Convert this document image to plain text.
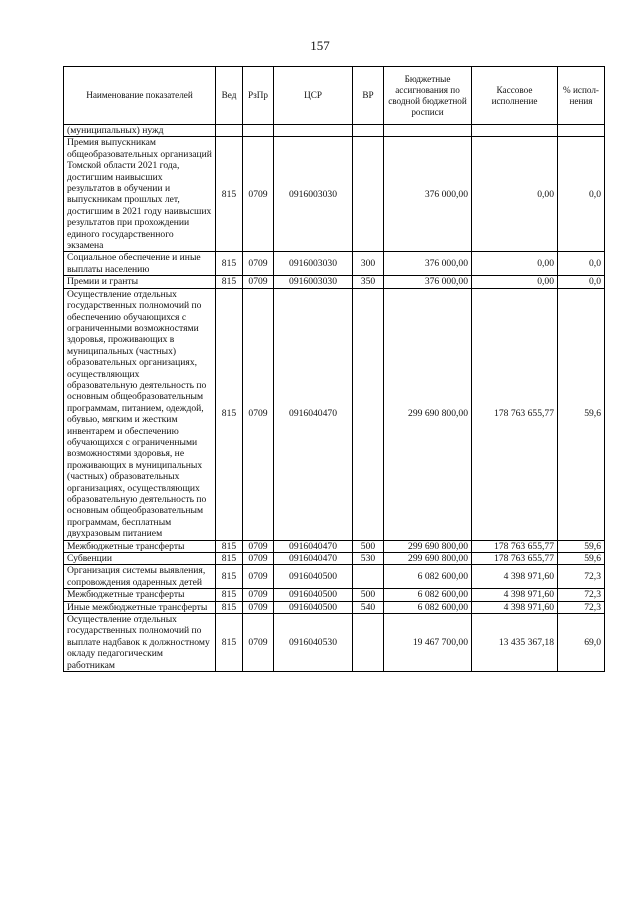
157
Наименование показателей	Вед	РзПр	ЦСР	ВР	Бюджетные ассигнования по сводной бюджетной росписи	Кассовое исполнение	% испол-нения
(муниципальных) нужд							
Премия выпускникам общеобразовательных организаций Томской области 2021 года, достигшим наивысших результатов в обучении и выпускникам прошлых лет, достигшим в 2021 году наивысших результатов при прохождении единого государственного экзамена	815	0709	0916003030		376 000,00	0,00	0,0
Социальное обеспечение и иные выплаты населению	815	0709	0916003030	300	376 000,00	0,00	0,0
Премии и гранты	815	0709	0916003030	350	376 000,00	0,00	0,0
Осуществление отдельных государственных полномочий по обеспечению обучающихся с ограниченными возможностями здоровья, проживающих в муниципальных (частных) образовательных организациях, осуществляющих образовательную деятельность по основным общеобразовательным программам, питанием, одеждой, обувью, мягким и жестким инвентарем и обеспечению обучающихся с ограниченными возможностями здоровья, не проживающих в муниципальных (частных) образовательных организациях, осуществляющих образовательную деятельность по основным общеобразовательным программам, бесплатным двухразовым питанием	815	0709	0916040470		299 690 800,00	178 763 655,77	59,6
Межбюджетные трансферты	815	0709	0916040470	500	299 690 800,00	178 763 655,77	59,6
Субвенции	815	0709	0916040470	530	299 690 800,00	178 763 655,77	59,6
Организация системы выявления, сопровождения одаренных детей	815	0709	0916040500		6 082 600,00	4 398 971,60	72,3
Межбюджетные трансферты	815	0709	0916040500	500	6 082 600,00	4 398 971,60	72,3
Иные межбюджетные трансферты	815	0709	0916040500	540	6 082 600,00	4 398 971,60	72,3
Осуществление отдельных государственных полномочий по выплате надбавок к должностному окладу педагогическим работникам	815	0709	0916040530		19 467 700,00	13 435 367,18	69,0
